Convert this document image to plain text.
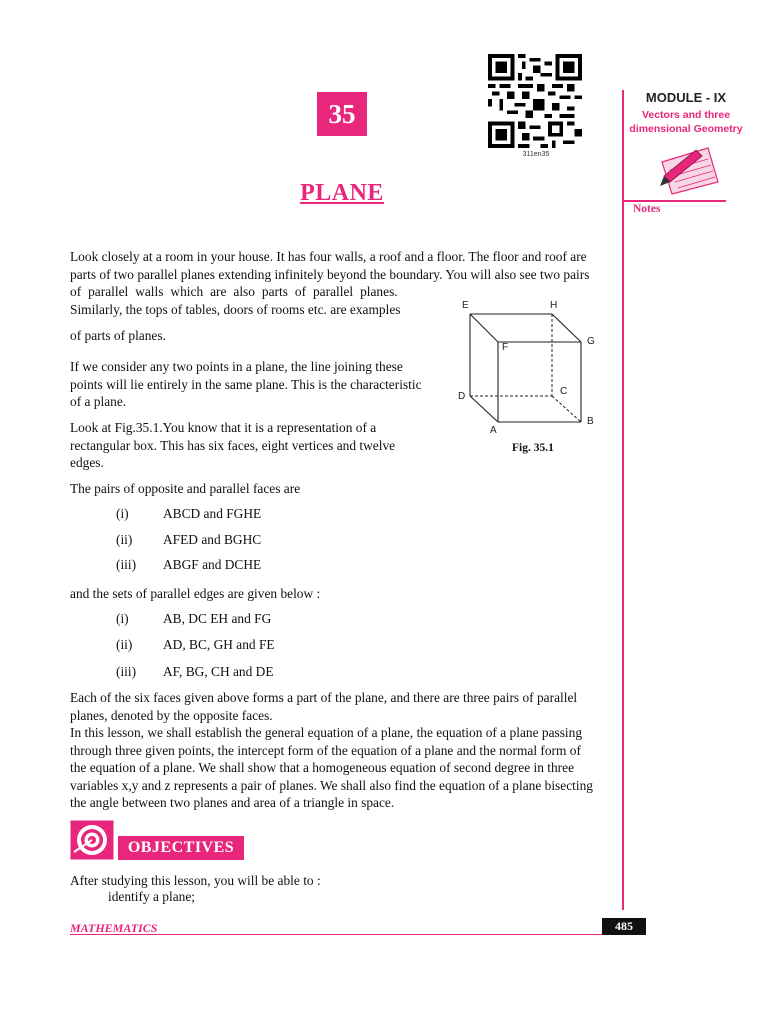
35
311en35
PLANE
MODULE - IX
Vectors and three
dimensional Geometry
Notes
Look closely at a room in your house. It has four walls, a roof and a floor. The floor and roof are
parts of two parallel planes extending infinitely beyond the boundary. You will also see two pairs
of parallel walls which are also parts of parallel planes.
Similarly, the tops of tables, doors of rooms etc. are examples
of parts of planes.
If we consider any two points in a plane, the line joining these
points will lie entirely in the same plane. This is the characteristic
of a plane.
Look at Fig.35.1.You know that it is a representation of a
rectangular box. This has six faces, eight vertices and twelve
edges.
E	H
F
G
D	C
A
B
Fig. 35.1
The pairs of opposite and parallel faces are
(i)	ABCD and FGHE
(ii) AFED and BGHC
(iii) ABGF and DCHE
and the sets of parallel edges are given below :
(i)	AB, DC EH and FG
(ii) AD, BC, GH and FE
(iii) AF, BG, CH and DE
Each of the six faces given above forms a part of the plane, and there are three pairs of parallel
planes, denoted by the opposite faces.
In this lesson, we shall establish the general equation of a plane, the equation of a plane passing
through three given points, the intercept form of the equation of a plane and the normal form of
the equation of a plane. We shall show that a homogeneous equation of second degree in three
variables x,y and z represents a pair of planes. We shall also find the equation of a plane bisecting
the angle between two planes and area of a triangle in space.
OBJECTIVES
After studying this lesson, you will be able to :
identify a plane;
MATHEMATICS	485
